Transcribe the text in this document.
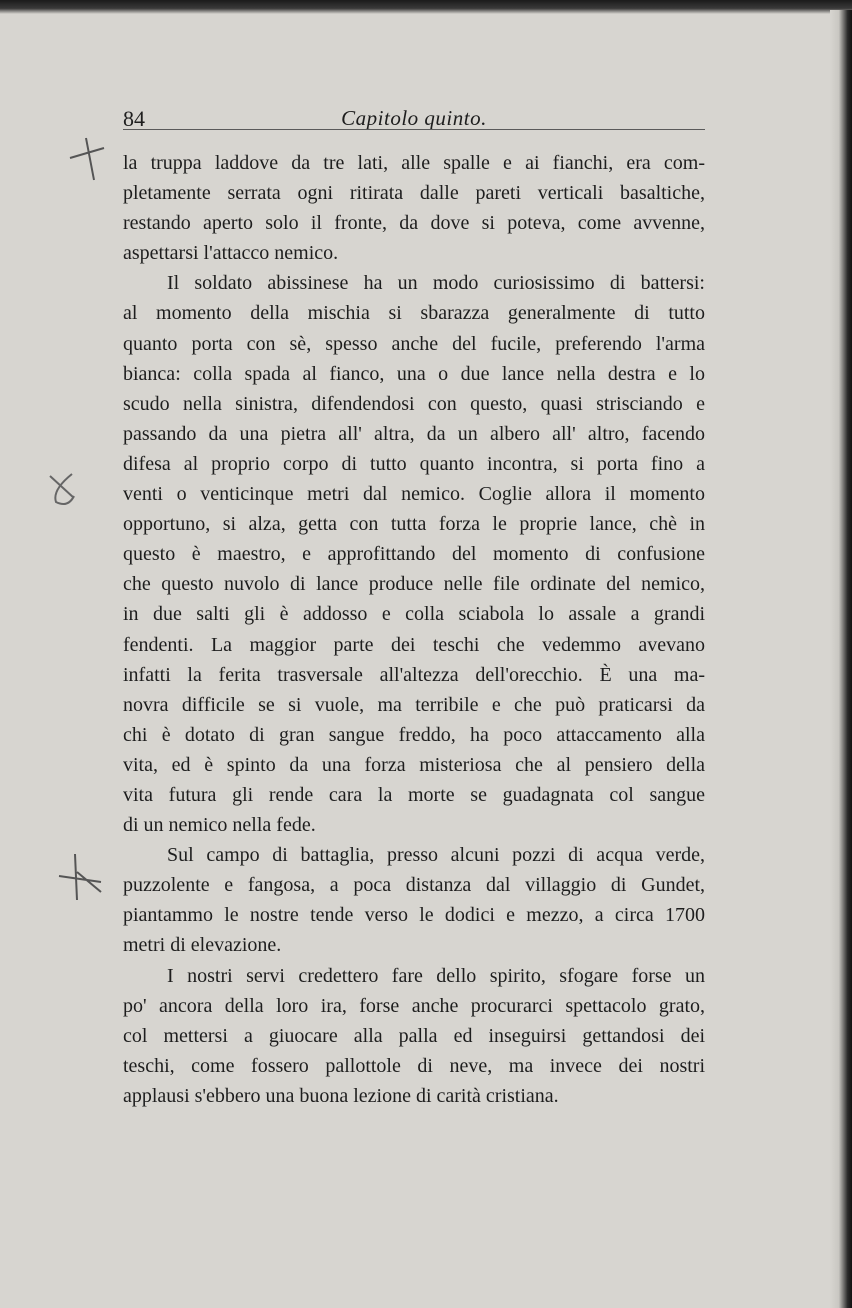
84	Capitolo quinto.
la truppa laddove da tre lati, alle spalle e ai fianchi, era com-
pletamente serrata ogni ritirata dalle pareti verticali basaltiche,
restando aperto solo il fronte, da dove si poteva, come avvenne,
aspettarsi l'attacco nemico.
Il soldato abissinese ha un modo curiosissimo di battersi:
al momento della mischia si sbarazza generalmente di tutto
quanto porta con sè, spesso anche del fucile, preferendo l'arma
bianca: colla spada al fianco, una o due lance nella destra e lo
scudo nella sinistra, difendendosi con questo, quasi strisciando e
passando da una pietra all' altra, da un albero all' altro, facendo
difesa al proprio corpo di tutto quanto incontra, si porta fino a
venti o venticinque metri dal nemico. Coglie allora il momento
opportuno, si alza, getta con tutta forza le proprie lance, chè in
questo è maestro, e approfittando del momento di confusione
che questo nuvolo di lance produce nelle file ordinate del nemico,
in due salti gli è addosso e colla sciabola lo assale a grandi
fendenti. La maggior parte dei teschi che vedemmo avevano
infatti la ferita trasversale all'altezza dell'orecchio. È una ma-
novra difficile se si vuole, ma terribile e che può praticarsi da
chi è dotato di gran sangue freddo, ha poco attaccamento alla
vita, ed è spinto da una forza misteriosa che al pensiero della
vita futura gli rende cara la morte se guadagnata col sangue
di un nemico nella fede.
Sul campo di battaglia, presso alcuni pozzi di acqua verde,
puzzolente e fangosa, a poca distanza dal villaggio di Gundet,
piantammo le nostre tende verso le dodici e mezzo, a circa 1700
metri di elevazione.
I nostri servi credettero fare dello spirito, sfogare forse un
po' ancora della loro ira, forse anche procurarci spettacolo grato,
col mettersi a giuocare alla palla ed inseguirsi gettandosi dei
teschi, come fossero pallottole di neve, ma invece dei nostri
applausi s'ebbero una buona lezione di carità cristiana.
